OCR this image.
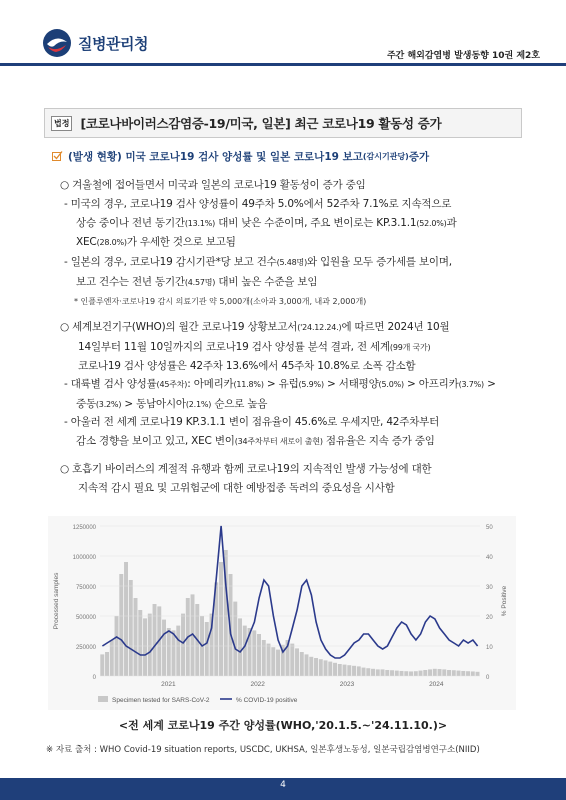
질병관리청
주간 해외감염병 발생동향 10권 제2호
법정 [코로나바이러스감염증-19/미국, 일본] 최근 코로나19 활동성 증가
(발생 현황) 미국 코로나19 검사 양성률 및 일본 코로나19 보고 (감시기관당) 증가
○ 겨울철에 접어들면서 미국과 일본의 코로나19 활동성이 증가 중임
- 미국의 경우, 코로나19 검사 양성률이 49주차 5.0%에서 52주차 7.1%로 지속적으로
상승 중이나 전년 동기간(13.1%) 대비 낮은 수준이며, 주요 변이로는 KP.3.1.1(52.0%)과
XEC(28.0%)가 우세한 것으로 보고됨
- 일본의 경우, 코로나19 감시기관*당 보고 건수(5.48명)와 입원율 모두 증가세를 보이며,
보고 건수는 전년 동기간(4.57명) 대비 높은 수준을 보임
* 인플루엔자·코로나19 감시 의료기관 약 5,000개(소아과 3,000개, 내과 2,000개)
○ 세계보건기구(WHO)의 월간 코로나19 상황보고서('24.12.24.)에 따르면 2024년 10월
14일부터 11월 10일까지의 코로나19 검사 양성률 분석 결과, 전 세계(99개 국가)
코로나19 검사 양성률은 42주차 13.6%에서 45주차 10.8%로 소폭 감소함
- 대륙별 검사 양성률(45주차): 아메리카(11.8%) > 유럽(5.9%) > 서태평양(5.0%) > 아프리카(3.7%) >
중동(3.2%) > 동남아시아(2.1%) 순으로 높음
- 아울러 전 세계 코로나19 KP.3.1.1 변이 점유율이 45.6%로 우세지만, 42주차부터
감소 경향을 보이고 있고, XEC 변이(34주차부터 새로이 출현) 점유율은 지속 증가 중임
○ 호흡기 바이러스의 계절적 유행과 함께 코로나19의 지속적인 발생 가능성에 대한
지속적 감시 필요 및 고위험군에 대한 예방접종 독려의 중요성을 시사함
1250000
1000000
750000
500000
250000
0
50
40
30
20
10
0
2021	2022	2023	2024
Processed samples	% Positive
Specimen tested for SARS-CoV-2	% COVID-19 positive
<전 세계 코로나19 주간 양성률(WHO,'20.1.5.~'24.11.10.)>
※ 자료 출처 : WHO Covid-19 situation reports, USCDC, UKHSA, 일본후생노동성, 일본국립감염병연구소(NIID)
4
